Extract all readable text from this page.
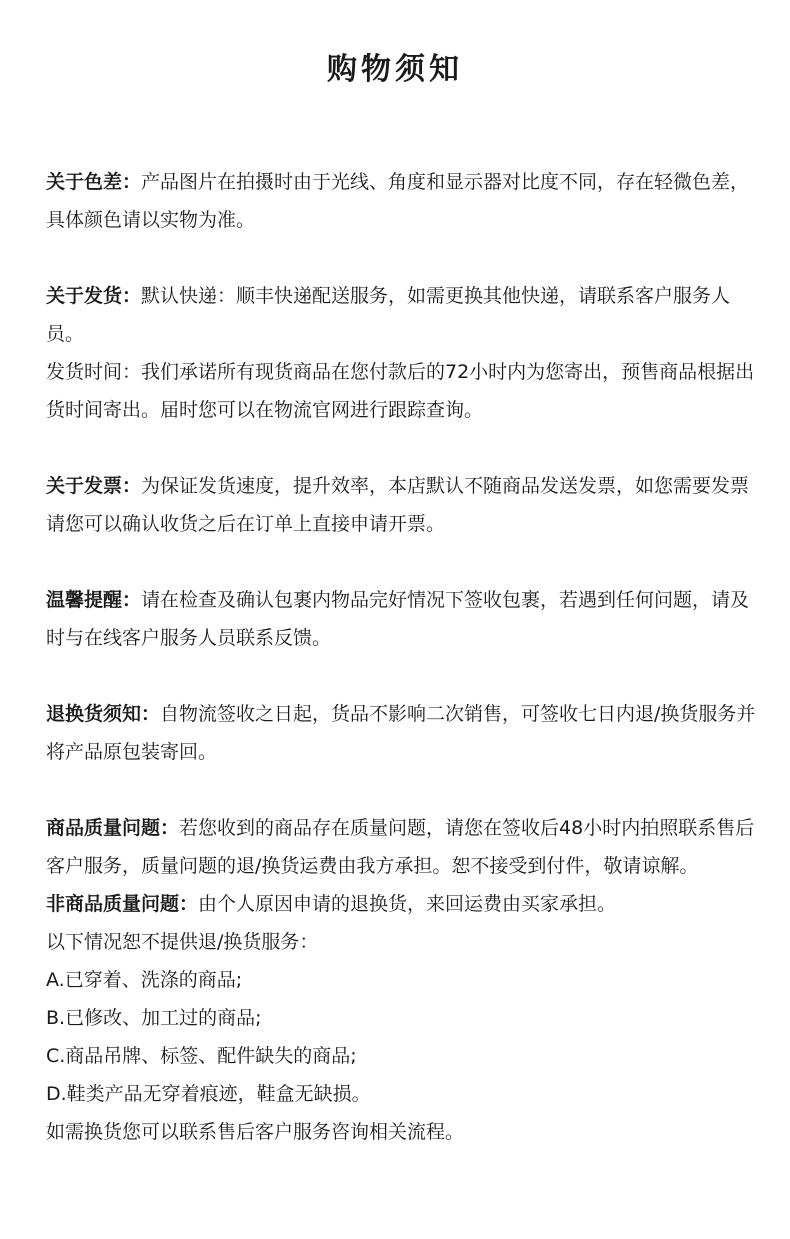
购物须知

关于色差：产品图片在拍摄时由于光线、角度和显示器对比度不同，存在轻微色差，具体颜色请以实物为准。

关于发货：默认快递：顺丰快递配送服务，如需更换其他快递，请联系客户服务人员。

发货时间：我们承诺所有现货商品在您付款后的72小时内为您寄出，预售商品根据出货时间寄出。届时您可以在物流官网进行跟踪查询。

关于发票：为保证发货速度，提升效率，本店默认不随商品发送发票，如您需要发票请您可以确认收货之后在订单上直接申请开票。

温馨提醒：请在检查及确认包裹内物品完好情况下签收包裹，若遇到任何问题，请及时与在线客户服务人员联系反馈。

退换货须知：自物流签收之日起，货品不影响二次销售，可签收七日内退/换货服务并将产品原包装寄回。

商品质量问题：若您收到的商品存在质量问题，请您在签收后48小时内拍照联系售后客户服务，质量问题的退/换货运费由我方承担。恕不接受到付件，敬请谅解。

非商品质量问题：由个人原因申请的退换货，来回运费由买家承担。

以下情况恕不提供退/换货服务：

A.已穿着、洗涤的商品;

B.已修改、加工过的商品;

C.商品吊牌、标签、配件缺失的商品;

D.鞋类产品无穿着痕迹，鞋盒无缺损。

如需换货您可以联系售后客户服务咨询相关流程。
